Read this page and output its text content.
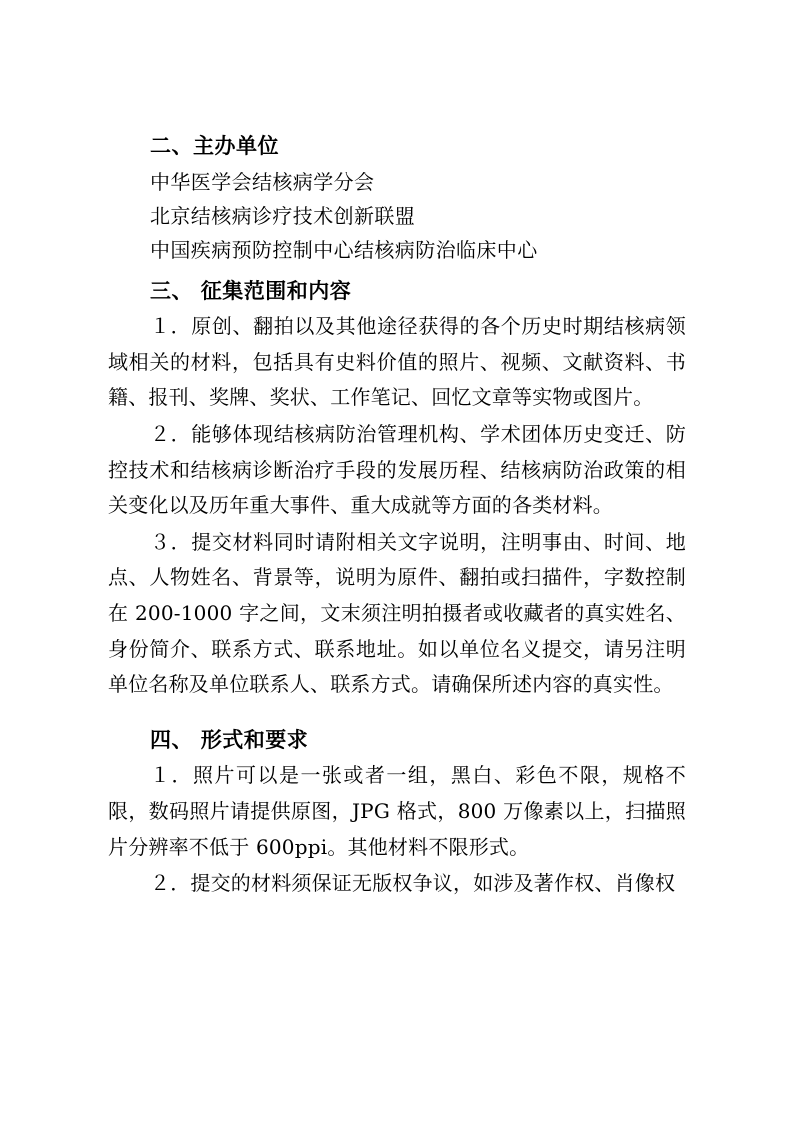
二、主办单位

中华医学会结核病学分会

北京结核病诊疗技术创新联盟

中国疾病预防控制中心结核病防治临床中心

三、 征集范围和内容

１．原创、翻拍以及其他途径获得的各个历史时期结核病领域相关的材料，包括具有史料价值的照片、视频、文献资料、书籍、报刊、奖牌、奖状、工作笔记、回忆文章等实物或图片。

２．能够体现结核病防治管理机构、学术团体历史变迁、防控技术和结核病诊断治疗手段的发展历程、结核病防治政策的相关变化以及历年重大事件、重大成就等方面的各类材料。

３．提交材料同时请附相关文字说明，注明事由、时间、地点、人物姓名、背景等，说明为原件、翻拍或扫描件，字数控制在 200-1000 字之间，文末须注明拍摄者或收藏者的真实姓名、身份简介、联系方式、联系地址。如以单位名义提交，请另注明单位名称及单位联系人、联系方式。请确保所述内容的真实性。

四、 形式和要求

１．照片可以是一张或者一组，黑白、彩色不限，规格不限，数码照片请提供原图，JPG 格式，800 万像素以上，扫描照片分辨率不低于 600ppi。其他材料不限形式。

２．提交的材料须保证无版权争议，如涉及著作权、肖像权
